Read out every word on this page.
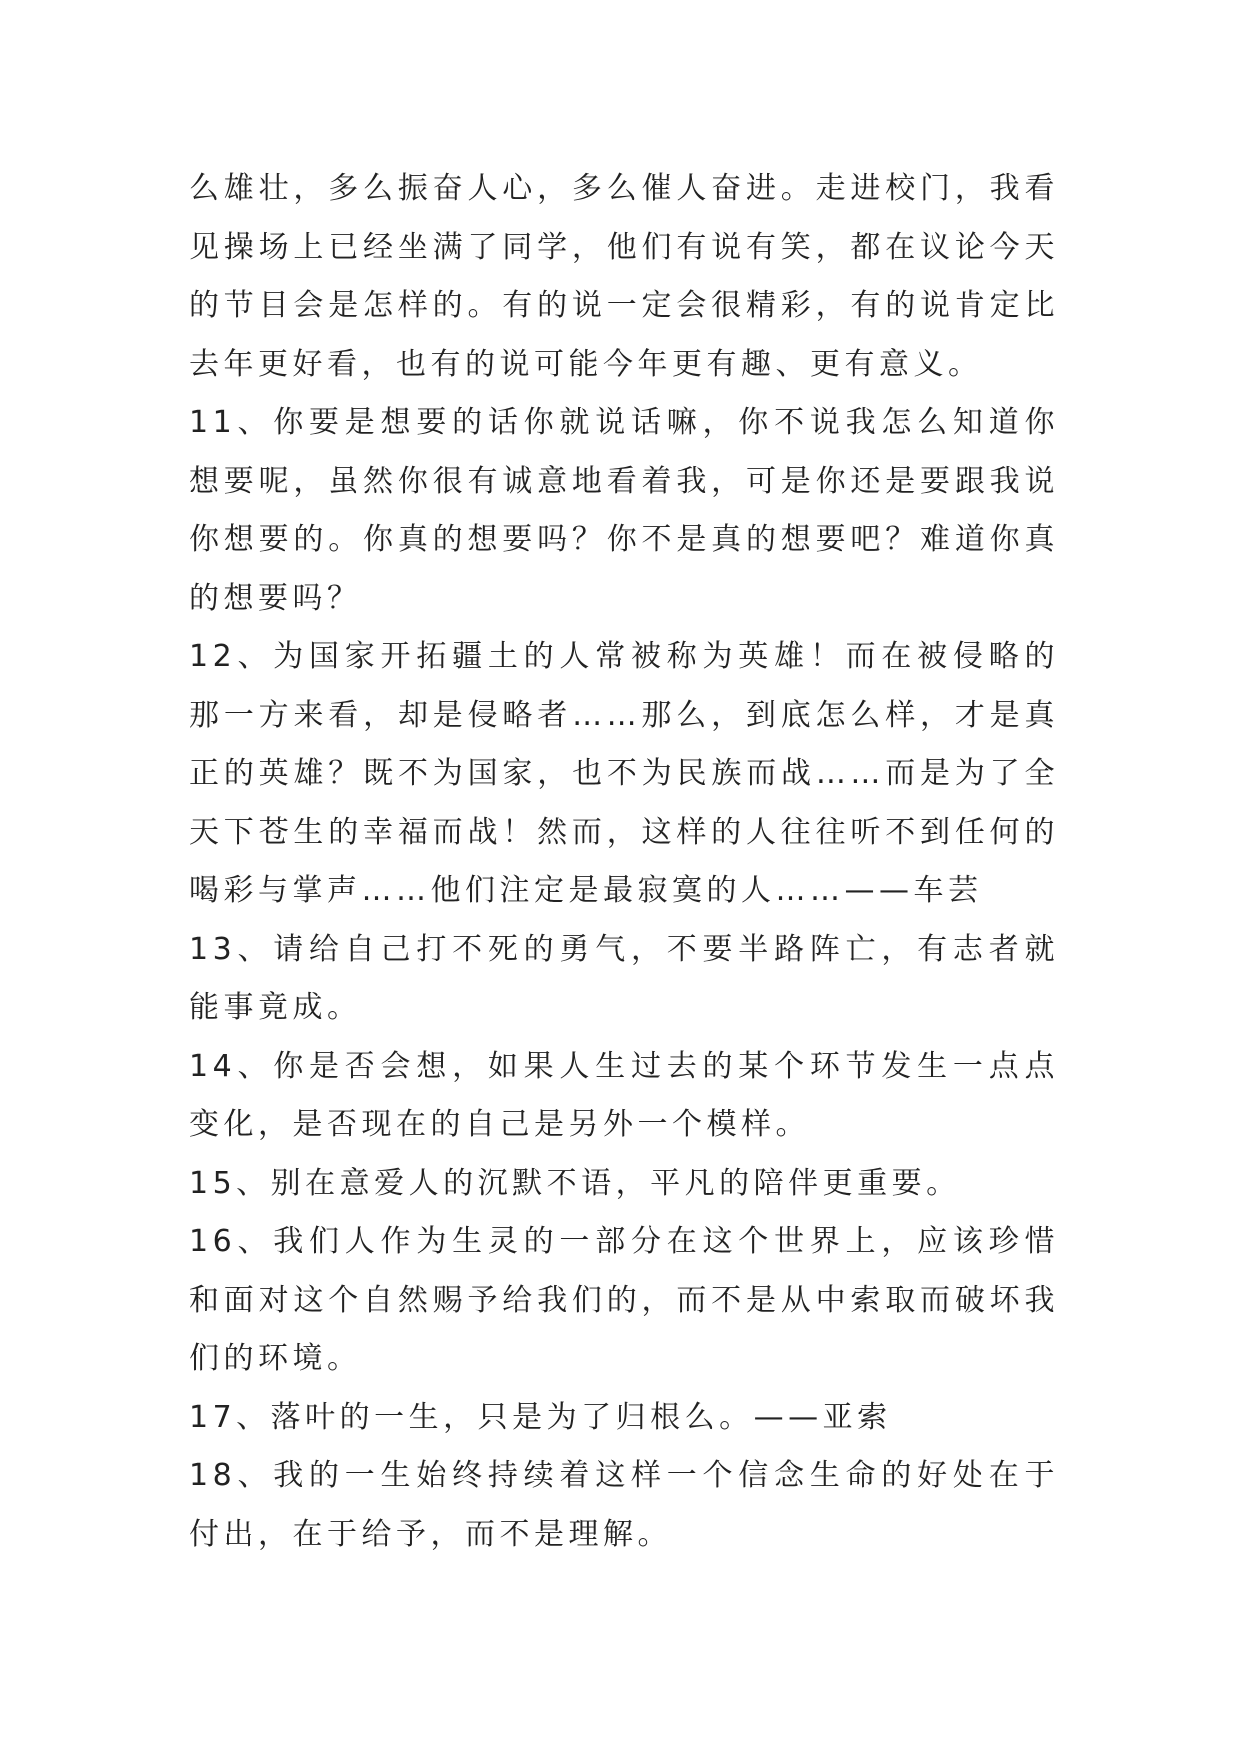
么雄壮，多么振奋人心，多么催人奋进。走进校门，我看见操场上已经坐满了同学，他们有说有笑，都在议论今天的节目会是怎样的。有的说一定会很精彩，有的说肯定比去年更好看，也有的说可能今年更有趣、更有意义。

11、你要是想要的话你就说话嘛，你不说我怎么知道你想要呢，虽然你很有诚意地看着我，可是你还是要跟我说你想要的。你真的想要吗？你不是真的想要吧？难道你真的想要吗？

12、为国家开拓疆土的人常被称为英雄！而在被侵略的那一方来看，却是侵略者……那么，到底怎么样，才是真正的英雄？既不为国家，也不为民族而战……而是为了全天下苍生的幸福而战！然而，这样的人往往听不到任何的喝彩与掌声……他们注定是最寂寞的人……——车芸

13、请给自己打不死的勇气，不要半路阵亡，有志者就能事竟成。

14、你是否会想，如果人生过去的某个环节发生一点点变化，是否现在的自己是另外一个模样。

15、别在意爱人的沉默不语，平凡的陪伴更重要。

16、我们人作为生灵的一部分在这个世界上，应该珍惜和面对这个自然赐予给我们的，而不是从中索取而破坏我们的环境。

17、落叶的一生，只是为了归根么。——亚索

18、我的一生始终持续着这样一个信念生命的好处在于付出，在于给予，而不是理解。
